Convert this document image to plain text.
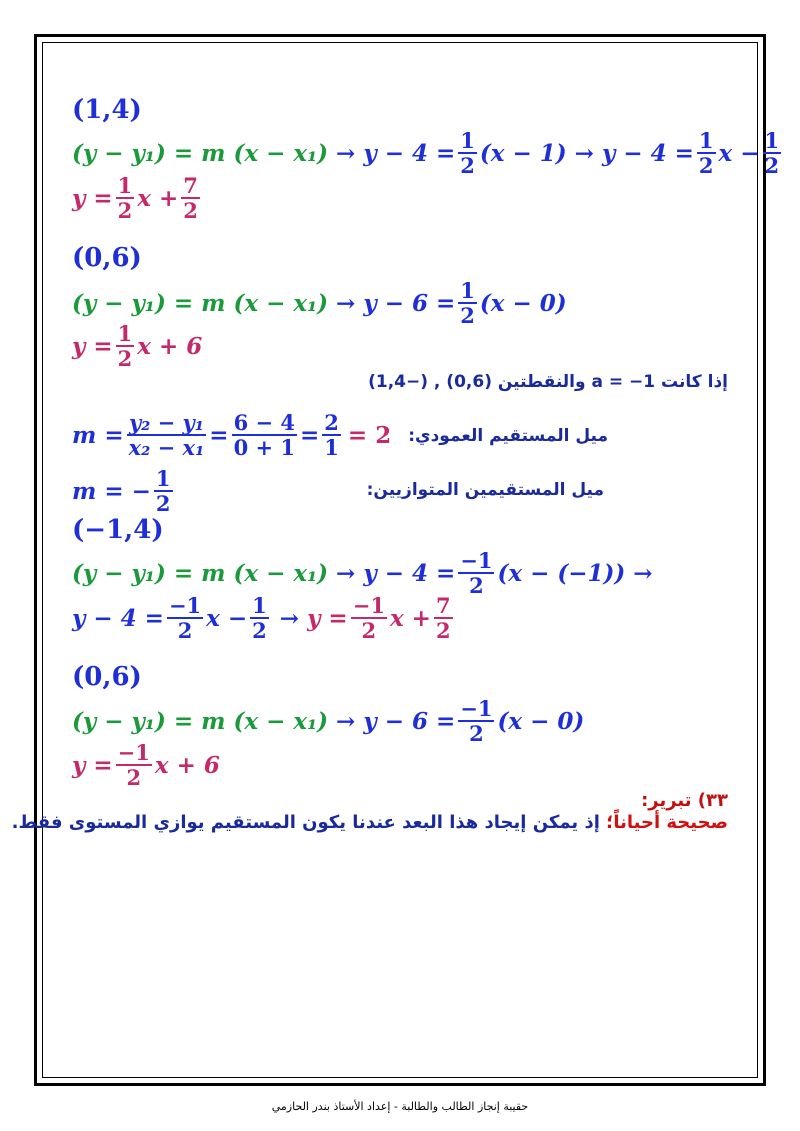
(1,4)
(y − y₁) = m $(x - x_1) \to y - 4 = \frac{1}{2} (x - 1) \to y - 4 = \frac{1}{2}$ $x - \frac{1}{2}$
$y = \frac{1}{2}$ $x + \frac{7}{2}$
(0,6)
(y − y₁) = m $(x - x_1) \to y - 6 = \frac{1}{2} (x - 0)$
$y = \frac{1}{2}$ x + 6
إذا كانت a = −1 والنقطتين (0,6) , (−1,4)
ميل المستقيم العمودي:
$m = \frac{\text{y₂ − y₁}}{\text{x₂ − x₁}} = \frac{6 - 4}{0 + 1} = \frac{2}{1} = 2$
ميل المستقيمين المتوازيين:
m = − $\frac{1}{2}$
(−1,4)
(y − y₁) = m $(x - x_1) \to y - 4 = \frac{-1}{2} (x - (-1))$ →
$y - 4 = \frac{-1}{2}$ $x - \frac{1}{2} \to y = \frac{-1}{2}$ $x + \frac{7}{2}$
(0,6)
(y − y₁) = m $(x - x_1) \to y - 6 = \frac{-1}{2} (x - 0)$
$y = \frac{-1}{2}$ x + 6
٣٣) تبرير:
صحيحة أحياناً؛ إذ يمكن إيجاد هذا البعد عندنا يكون المستقيم يوازي المستوى فقط.
حقيبة إنجاز الطالب والطالبة - إعداد الأستاذ بندر الحازمي
